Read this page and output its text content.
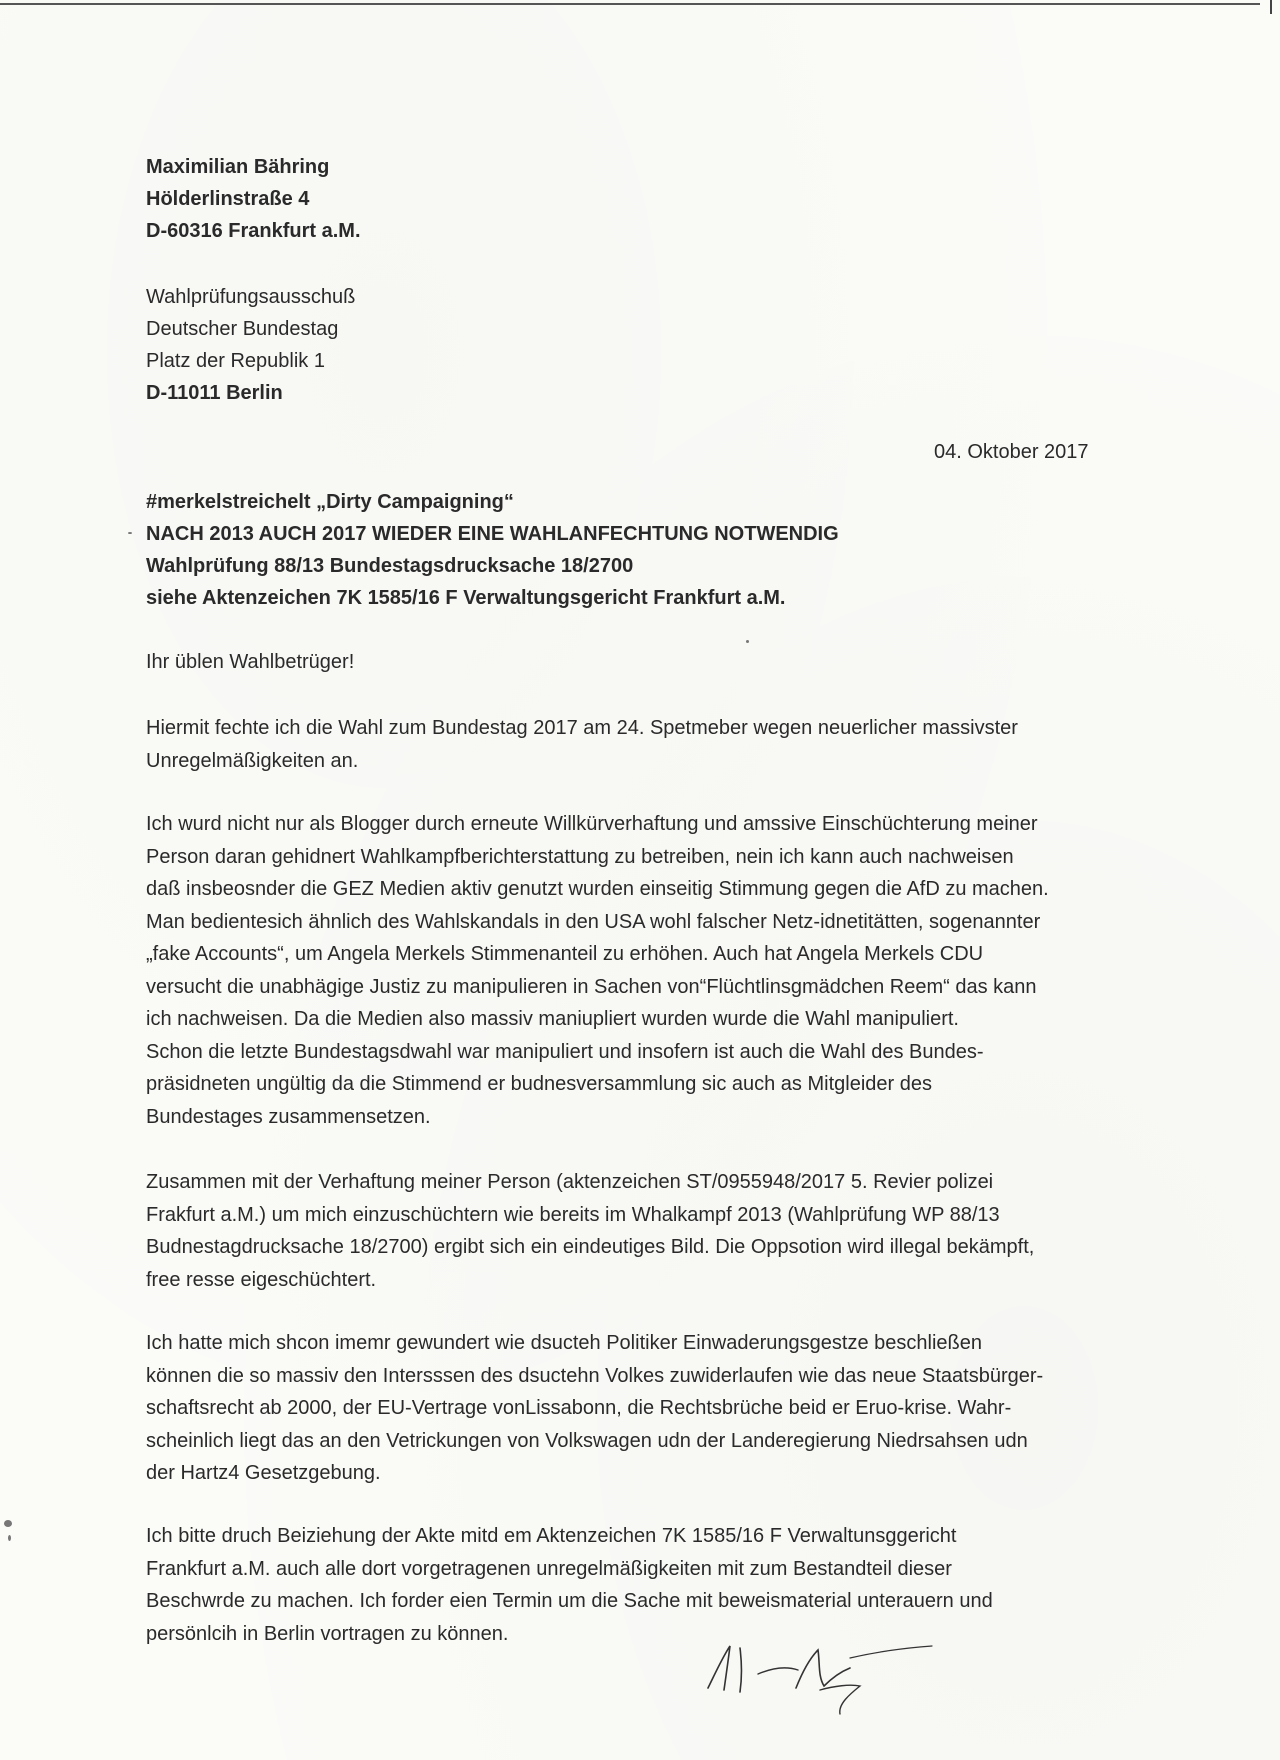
Maximilian Bähring
Hölderlinstraße 4
D-60316 Frankfurt a.M.
Wahlprüfungsausschuß
Deutscher Bundestag
Platz der Republik 1
D-11011 Berlin
04. Oktober 2017
#merkelstreichelt „Dirty Campaigning“
NACH 2013 AUCH 2017 WIEDER EINE WAHLANFECHTUNG NOTWENDIG
Wahlprüfung 88/13 Bundestagsdrucksache 18/2700
siehe Aktenzeichen 7K 1585/16 F Verwaltungsgericht Frankfurt a.M.
Ihr üblen Wahlbetrüger!
Hiermit fechte ich die Wahl zum Bundestag 2017 am 24. Spetmeber wegen neuerlicher massivster
Unregelmäßigkeiten an.
Ich wurd nicht nur als Blogger durch erneute Willkürverhaftung und amssive Einschüchterung meiner
Person daran gehidnert Wahlkampfberichterstattung zu betreiben, nein ich kann auch nachweisen
daß insbeosnder die GEZ Medien aktiv genutzt wurden einseitig Stimmung gegen die AfD zu machen.
Man bedientesich ähnlich des Wahlskandals in den USA wohl falscher Netz-idnetitätten, sogenannter
„fake Accounts“, um Angela Merkels Stimmenanteil zu erhöhen. Auch hat Angela Merkels CDU
versucht die unabhägige Justiz zu manipulieren in Sachen von“Flüchtlinsgmädchen Reem“ das kann
ich nachweisen. Da die Medien also massiv maniupliert wurden wurde die Wahl manipuliert.
Schon die letzte Bundestagsdwahl war manipuliert und insofern ist auch die Wahl des Bundes-
präsidneten ungültig da die Stimmend er budnesversammlung sic auch as Mitgleider des
Bundestages zusammensetzen.
Zusammen mit der Verhaftung meiner Person (aktenzeichen ST/0955948/2017 5. Revier polizei
Frakfurt a.M.) um mich einzuschüchtern wie bereits im Whalkampf 2013 (Wahlprüfung WP 88/13
Budnestagdrucksache 18/2700) ergibt sich ein eindeutiges Bild. Die Oppsotion wird illegal bekämpft,
free resse eigeschüchtert.
Ich hatte mich shcon imemr gewundert wie dsucteh Politiker Einwaderungsgestze beschließen
können die so massiv den Intersssen des dsuctehn Volkes zuwiderlaufen wie das neue Staatsbürger-
schaftsrecht ab 2000, der EU-Vertrage vonLissabonn, die Rechtsbrüche beid er Eruo-krise. Wahr-
scheinlich liegt das an den Vetrickungen von Volkswagen udn der Landeregierung Niedrsahsen udn
der Hartz4 Gesetzgebung.
Ich bitte druch Beiziehung der Akte mitd em Aktenzeichen 7K 1585/16 F Verwaltunsggericht
Frankfurt a.M. auch alle dort vorgetragenen unregelmäßigkeiten mit zum Bestandteil dieser
Beschwrde zu machen. Ich forder eien Termin um die Sache mit beweismaterial unterauern und
persönlcih in Berlin vortragen zu können.
